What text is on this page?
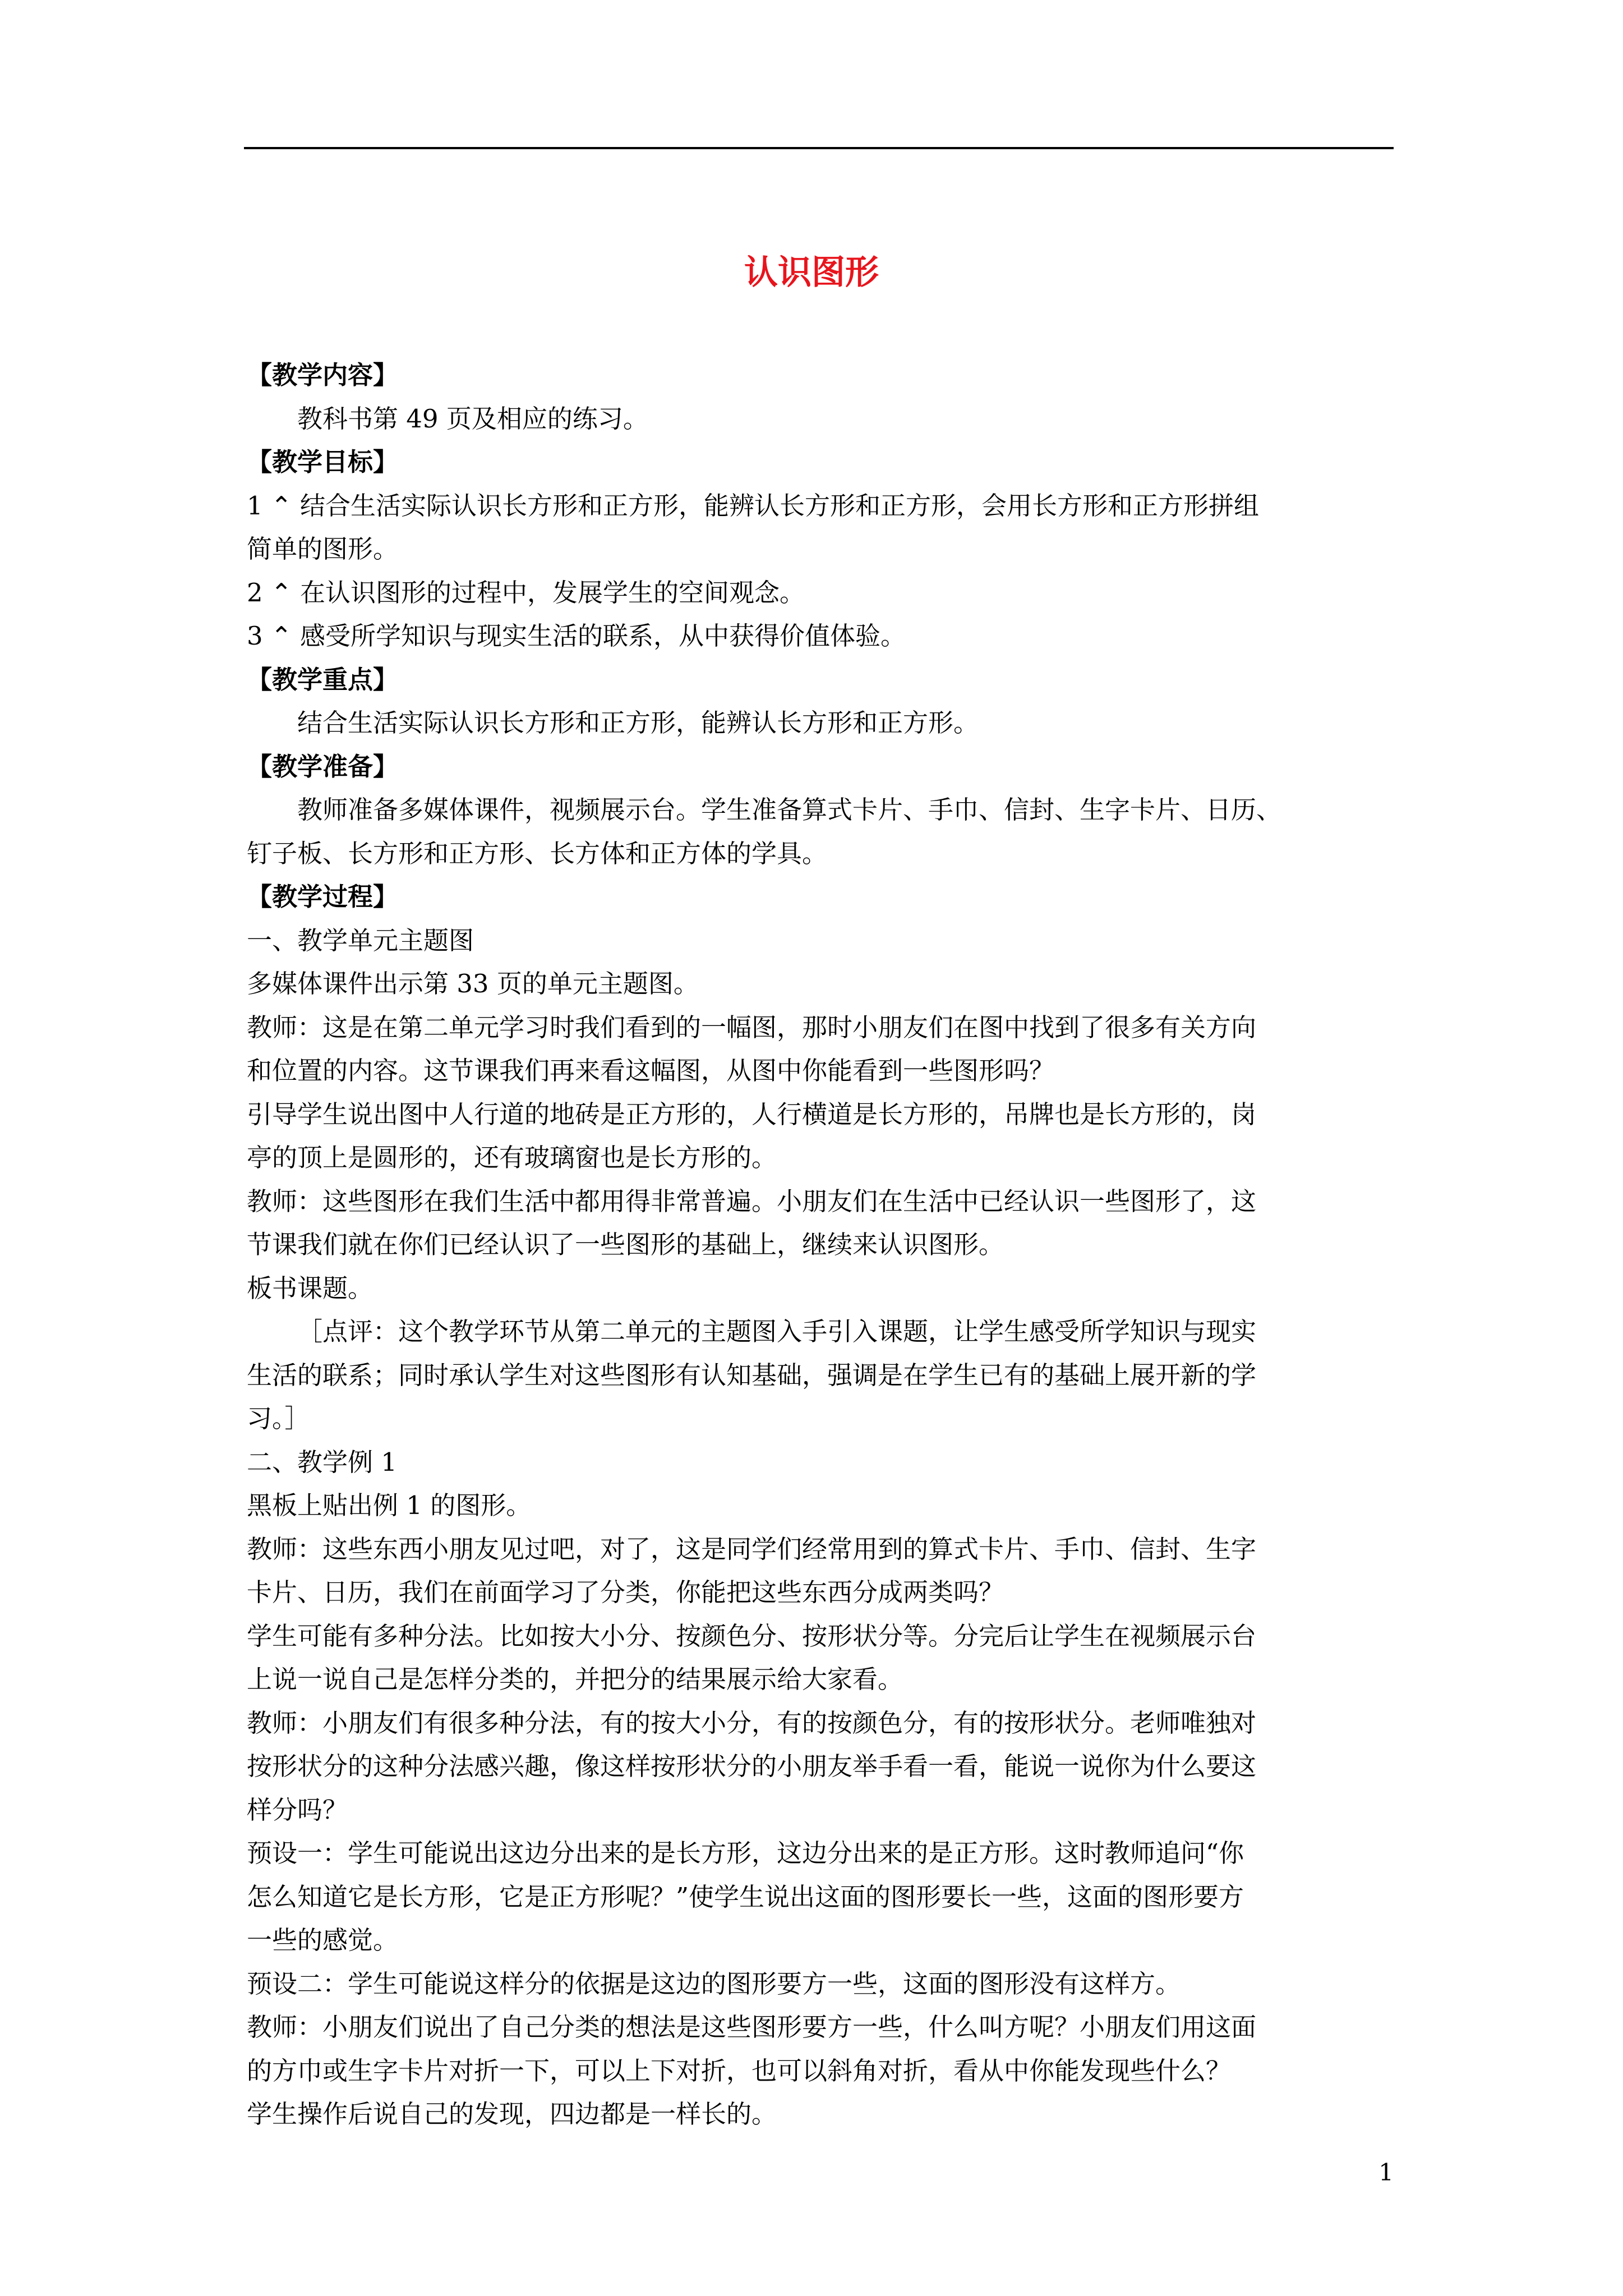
认识图形
【教学内容】
教科书第 49 页及相应的练习。
【教学目标】
1 ⌃ 结合生活实际认识长方形和正方形，能辨认长方形和正方形，会用长方形和正方形拼组
简单的图形。
2 ⌃ 在认识图形的过程中，发展学生的空间观念。
3 ⌃ 感受所学知识与现实生活的联系，从中获得价值体验。
【教学重点】
结合生活实际认识长方形和正方形，能辨认长方形和正方形。
【教学准备】
教师准备多媒体课件，视频展示台。学生准备算式卡片、手巾、信封、生字卡片、日历、
钉子板、长方形和正方形、长方体和正方体的学具。
【教学过程】
一、教学单元主题图
多媒体课件出示第 33 页的单元主题图。
教师：这是在第二单元学习时我们看到的一幅图，那时小朋友们在图中找到了很多有关方向
和位置的内容。这节课我们再来看这幅图，从图中你能看到一些图形吗？
引导学生说出图中人行道的地砖是正方形的，人行横道是长方形的，吊牌也是长方形的，岗
亭的顶上是圆形的，还有玻璃窗也是长方形的。
教师：这些图形在我们生活中都用得非常普遍。小朋友们在生活中已经认识一些图形了，这
节课我们就在你们已经认识了一些图形的基础上，继续来认识图形。
板书课题。
［点评：这个教学环节从第二单元的主题图入手引入课题，让学生感受所学知识与现实
生活的联系；同时承认学生对这些图形有认知基础，强调是在学生已有的基础上展开新的学
习。］
二、教学例 1
黑板上贴出例 1 的图形。
教师：这些东西小朋友见过吧，对了，这是同学们经常用到的算式卡片、手巾、信封、生字
卡片、日历，我们在前面学习了分类，你能把这些东西分成两类吗？
学生可能有多种分法。比如按大小分、按颜色分、按形状分等。分完后让学生在视频展示台
上说一说自己是怎样分类的，并把分的结果展示给大家看。
教师：小朋友们有很多种分法，有的按大小分，有的按颜色分，有的按形状分。老师唯独对
按形状分的这种分法感兴趣，像这样按形状分的小朋友举手看一看，能说一说你为什么要这
样分吗？
预设一：学生可能说出这边分出来的是长方形，这边分出来的是正方形。这时教师追问“你
怎么知道它是长方形，它是正方形呢？”使学生说出这面的图形要长一些，这面的图形要方
一些的感觉。
预设二：学生可能说这样分的依据是这边的图形要方一些，这面的图形没有这样方。
教师：小朋友们说出了自己分类的想法是这些图形要方一些，什么叫方呢？小朋友们用这面
的方巾或生字卡片对折一下，可以上下对折，也可以斜角对折，看从中你能发现些什么？
学生操作后说自己的发现，四边都是一样长的。
1
